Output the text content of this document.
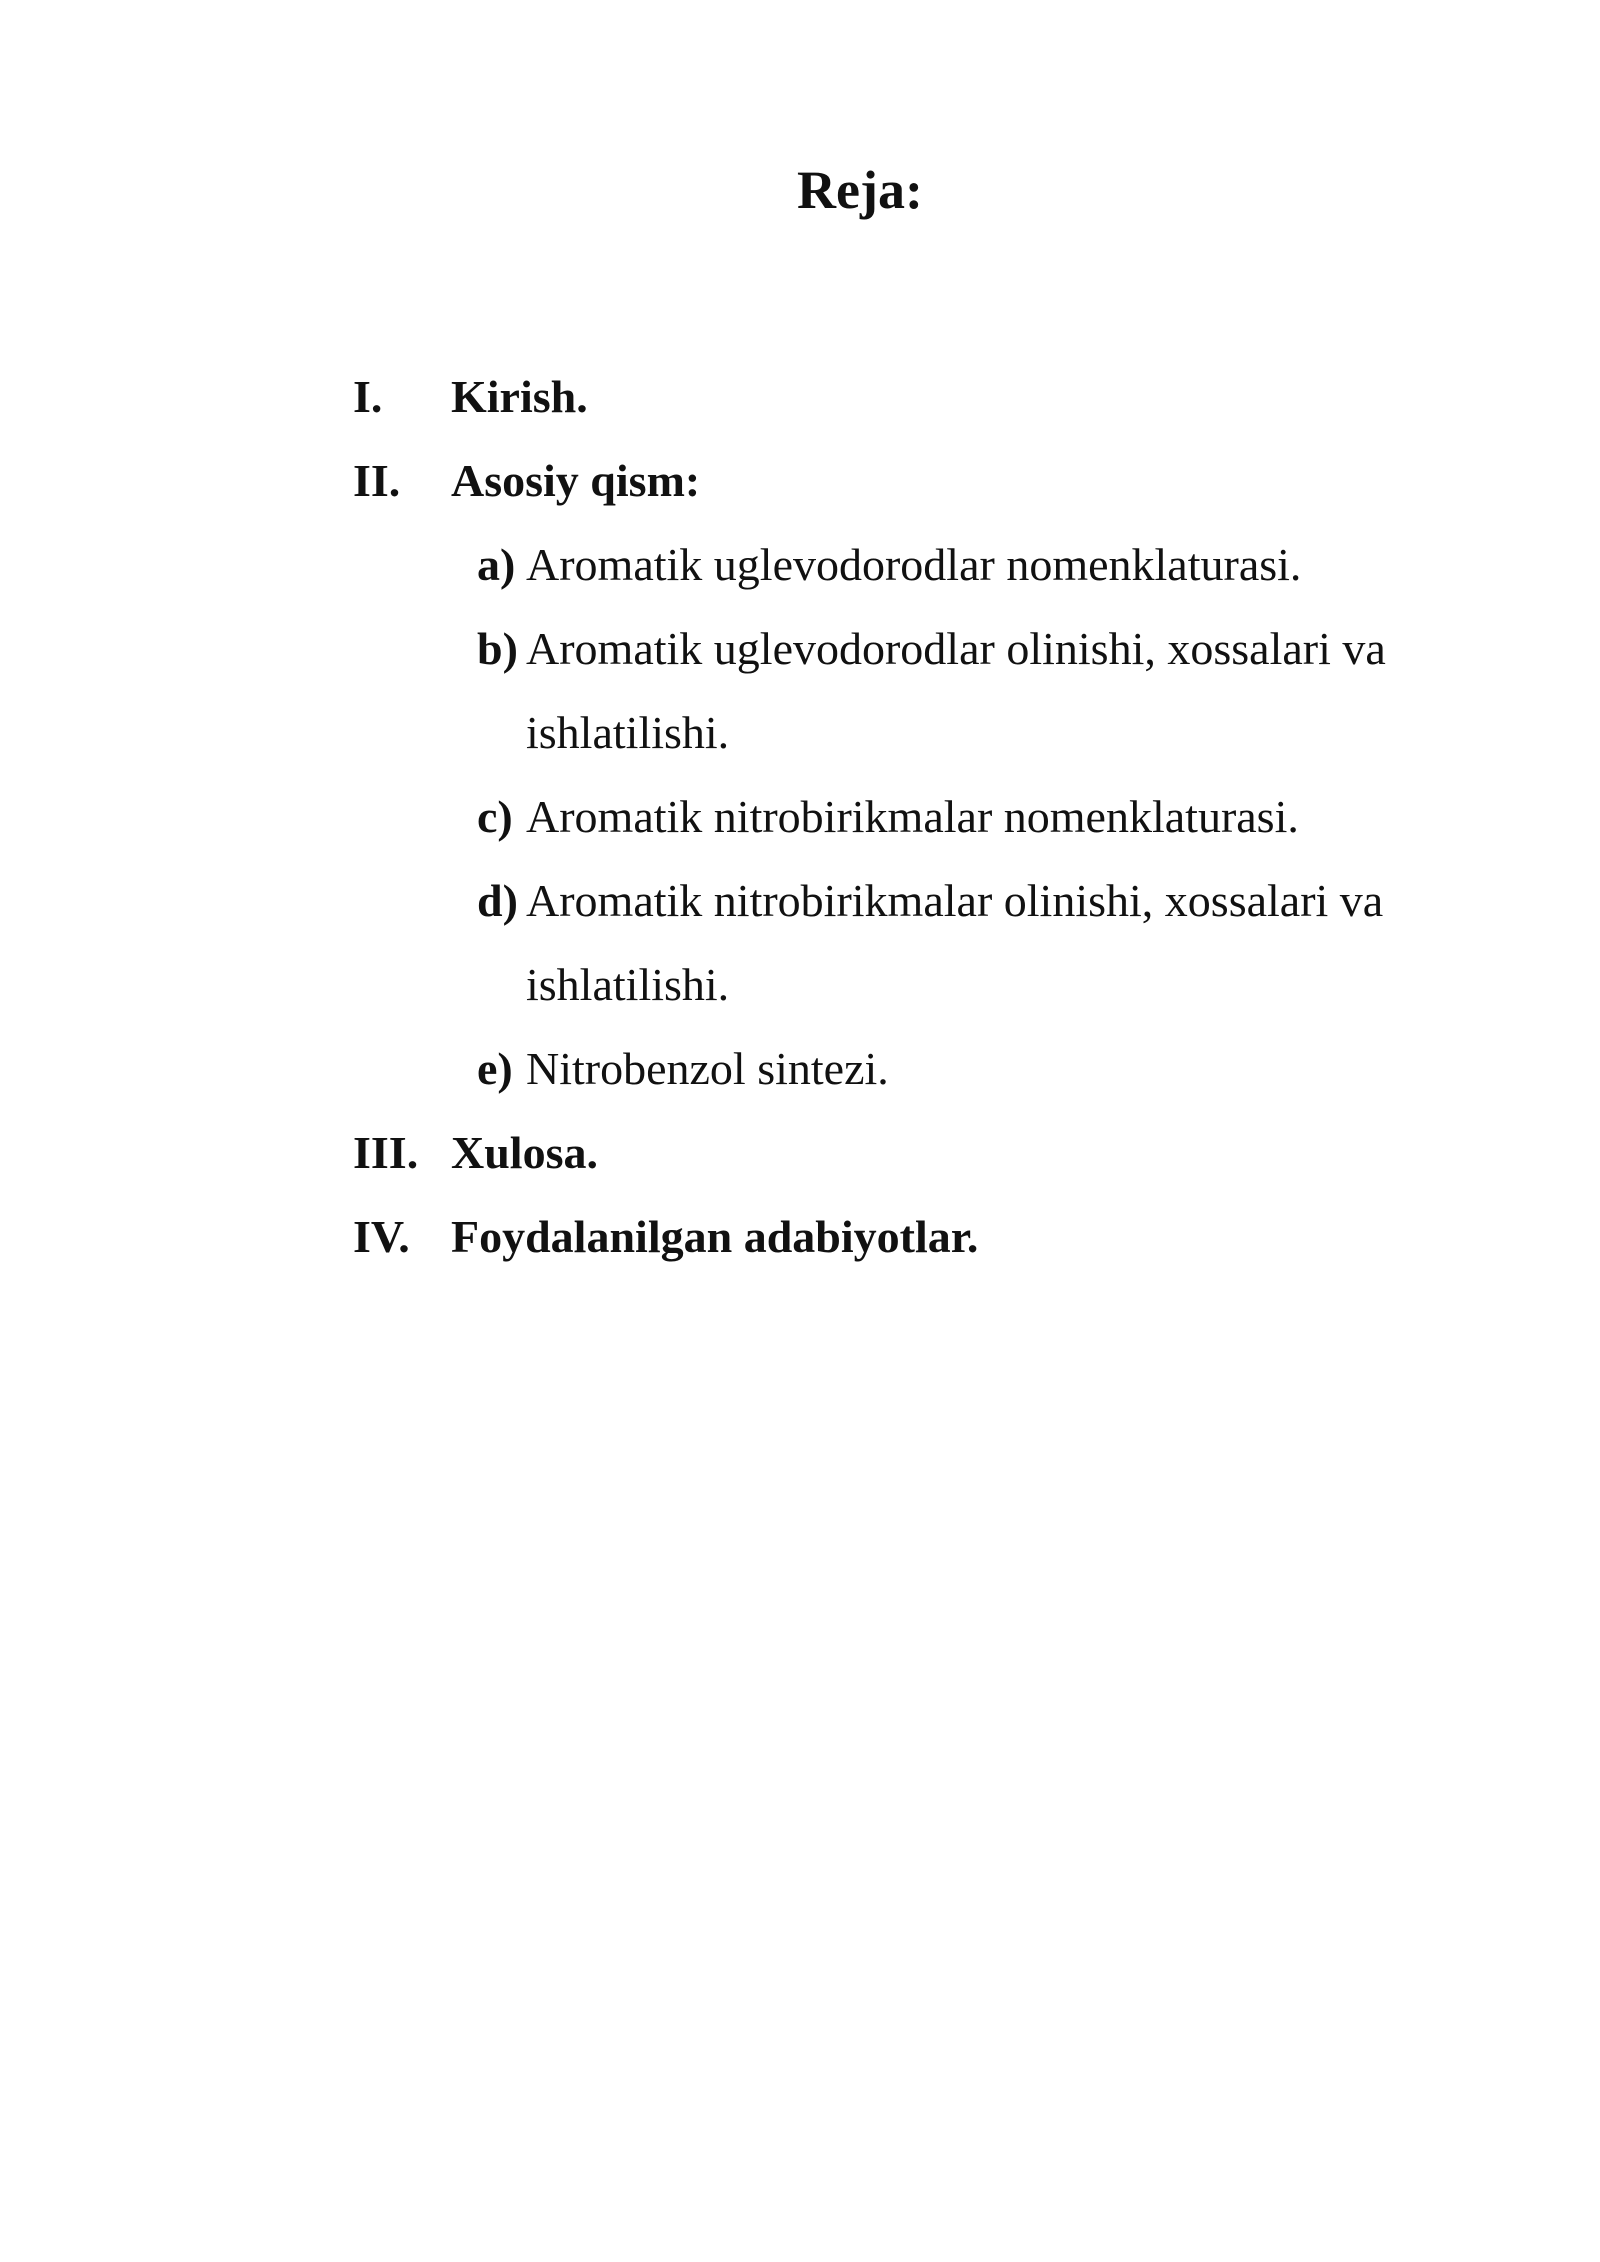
Reja:
I.	Kirish.
II.	Asosiy qism:
a) Aromatik uglevodorodlar nomenklaturasi.
b) Aromatik uglevodorodlar olinishi, xossalari va ishlatilishi.
c) Aromatik nitrobirikmalar nomenklaturasi.
d) Aromatik nitrobirikmalar olinishi, xossalari va ishlatilishi.
e) Nitrobenzol sintezi.
III. Xulosa.
IV. Foydalanilgan adabiyotlar.
